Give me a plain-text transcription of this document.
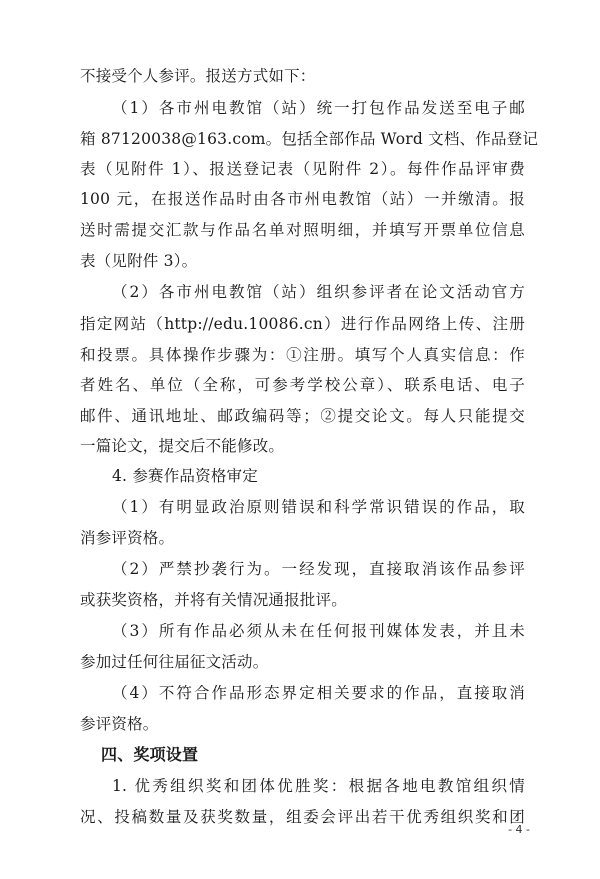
不接受个人参评。报送方式如下：
（1）各市州电教馆（站）统一打包作品发送至电子邮
箱 87120038@163.com。包括全部作品 Word 文档、作品登记
表（见附件 1）、报送登记表（见附件 2）。每件作品评审费
100 元，在报送作品时由各市州电教馆（站）一并缴清。报
送时需提交汇款与作品名单对照明细，并填写开票单位信息
表（见附件 3）。
（2）各市州电教馆（站）组织参评者在论文活动官方
指定网站（http://edu.10086.cn）进行作品网络上传、注册
和投票。具体操作步骤为：①注册。填写个人真实信息：作
者姓名、单位（全称，可参考学校公章）、联系电话、电子
邮件、通讯地址、邮政编码等；②提交论文。每人只能提交
一篇论文，提交后不能修改。
4. 参赛作品资格审定
（1）有明显政治原则错误和科学常识错误的作品，取
消参评资格。
（2）严禁抄袭行为。一经发现，直接取消该作品参评
或获奖资格，并将有关情况通报批评。
（3）所有作品必须从未在任何报刊媒体发表，并且未
参加过任何往届征文活动。
（4）不符合作品形态界定相关要求的作品，直接取消
参评资格。
四、奖项设置
1. 优秀组织奖和团体优胜奖：根据各地电教馆组织情
况、投稿数量及获奖数量，组委会评出若干优秀组织奖和团
- 4 -
